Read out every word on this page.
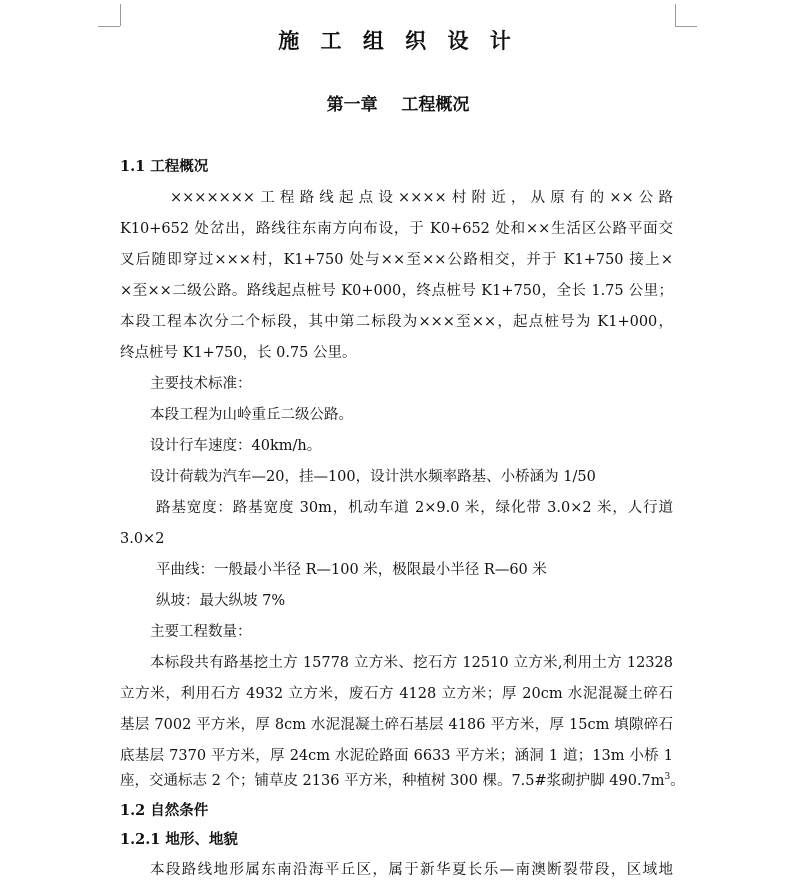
施 工 组 织 设 计
第一章    工程概况
1.1 工程概况
×××××××工程路线起点设××××村附近，从原有的××公路
K10+652 处岔出，路线往东南方向布设，于 K0+652 处和××生活区公路平面交
叉后随即穿过×××村，K1+750 处与××至××公路相交，并于 K1+750 接上×
×至××二级公路。路线起点桩号 K0+000，终点桩号 K1+750，全长 1.75 公里；
本段工程本次分二个标段，其中第二标段为×××至××，起点桩号为 K1+000，
终点桩号 K1+750，长 0.75 公里。
主要技术标准：
本段工程为山岭重丘二级公路。
设计行车速度：40km/h。
设计荷载为汽车—20，挂—100，设计洪水频率路基、小桥涵为 1/50
路基宽度：路基宽度 30m，机动车道 2×9.0 米，绿化带 3.0×2 米，人行道
3.0×2
平曲线：一般最小半径 R—100 米，极限最小半径 R—60 米
纵坡：最大纵坡 7%
主要工程数量：
本标段共有路基挖土方 15778 立方米、挖石方 12510 立方米,利用土方 12328
立方米，利用石方 4932 立方米，废石方 4128 立方米；厚 20cm 水泥混凝土碎石
基层 7002 平方米，厚 8cm 水泥混凝土碎石基层 4186 平方米，厚 15cm 填隙碎石
底基层 7370 平方米，厚 24cm 水泥砼路面 6633 平方米；涵洞 1 道；13m 小桥 1
座，交通标志 2 个；铺草皮 2136 平方米，种植树 300 棵。7.5#浆砌护脚 $490.7m^3$。
1.2 自然条件
1.2.1 地形、地貌
本段路线地形属东南沿海平丘区，属于新华夏长乐—南澳断裂带段，区域地
